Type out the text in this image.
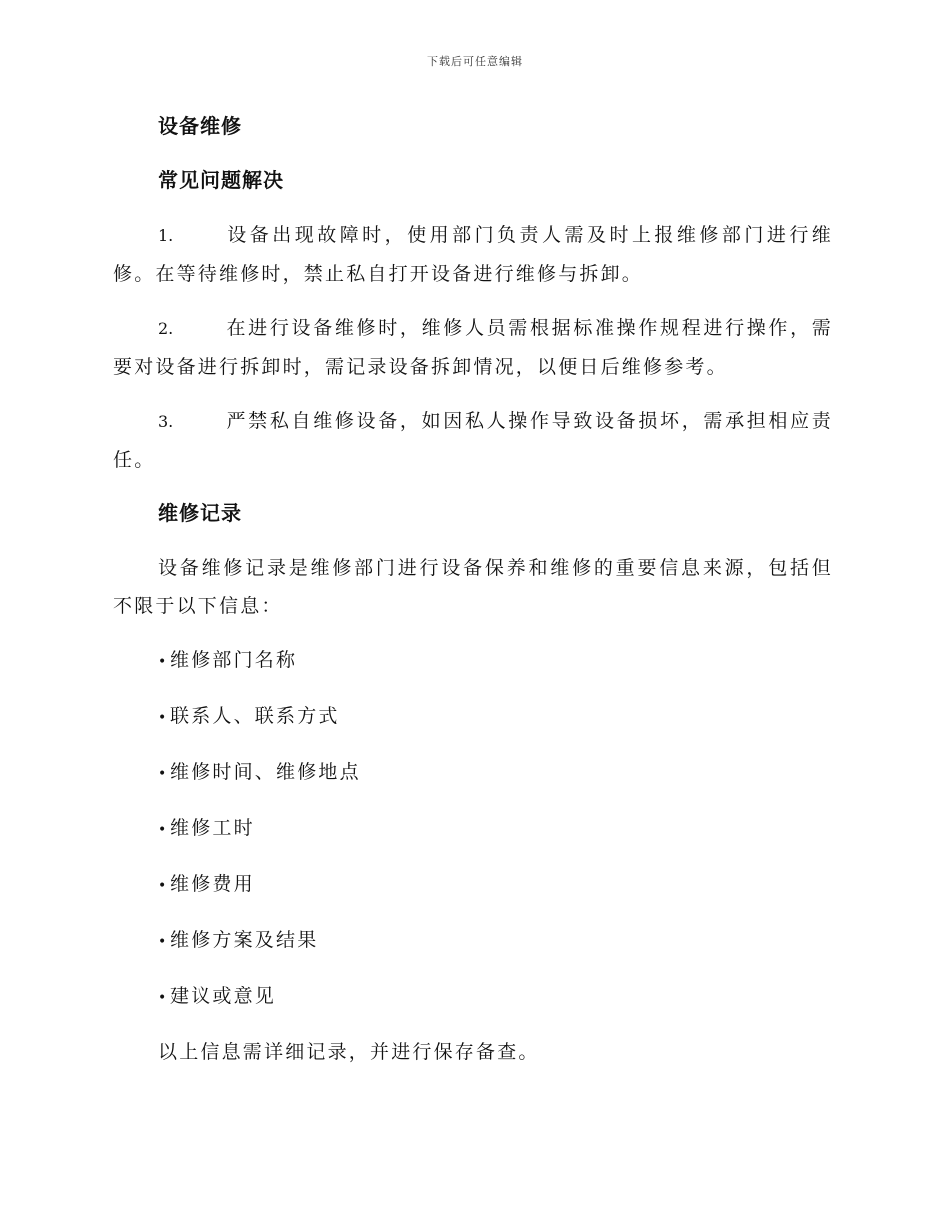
下载后可任意编辑
设备维修
常见问题解决
1.	设备出现故障时，使用部门负责人需及时上报维修部门进行维修。在等待维修时，禁止私自打开设备进行维修与拆卸。
2.	在进行设备维修时，维修人员需根据标准操作规程进行操作，需要对设备进行拆卸时，需记录设备拆卸情况，以便日后维修参考。
3.	严禁私自维修设备，如因私人操作导致设备损坏，需承担相应责任。
维修记录
设备维修记录是维修部门进行设备保养和维修的重要信息来源，包括但不限于以下信息：
• 维修部门名称
• 联系人、联系方式
• 维修时间、维修地点
• 维修工时
• 维修费用
• 维修方案及结果
• 建议或意见
以上信息需详细记录，并进行保存备查。
